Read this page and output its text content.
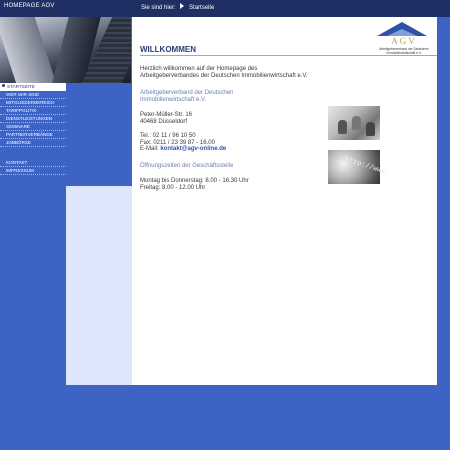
HOMEPAGE AGV	Sie sind hier: Startseite
AGV
Arbeitgeberverband der Deutschen Immobilienwirtschaft e.V.
WILLKOMMEN
Herzlich willkommen auf der Homepage des
Arbeitgeberverbandes der Deutschen Immobilienwirtschaft e.V.
Arbeitgeberverband der Deutschen
Immobilienwirtschaft e.V.
Peter-Müller-Str. 16
40468 Düsseldorf
Tel.: 02 11 / 96 10 50
Fax: 0211 / 23 39 87 - 16.00
E-Mail: kontakt@agv-online.de
Öffnungszeiten der Geschäftsstelle
Montag bis Donnerstag: 8.00 - 16.30 Uhr
Freitag: 8.00 - 12.00 Uhr
http://www
STARTSEITE
WER WIR SIND
MITGLIEDERBEREICH
TARIFPOLITIK
DIENSTLEISTUNGEN
SEMINARE
PARTNERVERBÄNDE
JOBBÖRSE
KONTAKT
IMPRESSUM
